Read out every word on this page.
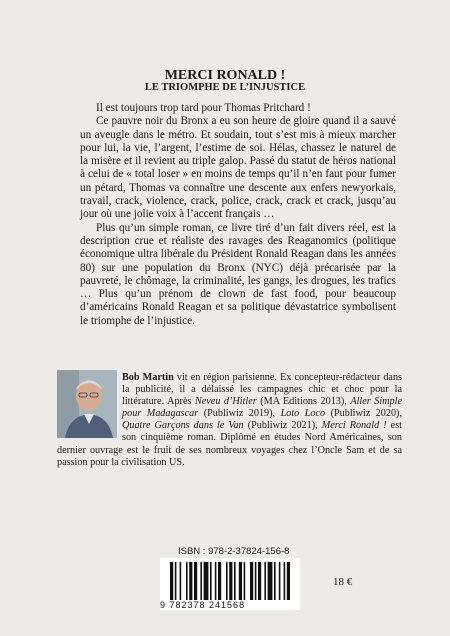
MERCI RONALD !
LE TRIOMPHE DE L’INJUSTICE

Il est toujours trop tard pour Thomas Pritchard !

Ce pauvre noir du Bronx a eu son heure de gloire quand il a sauvé un aveugle dans le métro. Et soudain, tout s’est mis à mieux marcher pour lui, la vie, l’argent, l’estime de soi. Hélas, chassez le naturel de la misère et il revient au triple galop. Passé du statut de héros national à celui de « total loser » en moins de temps qu’il n’en faut pour fumer un pétard, Thomas va connaître une descente aux enfers newyorkais, travail, crack, violence, crack, police, crack, crack et crack, jusqu’au jour où une jolie voix à l’accent français …

Plus qu’un simple roman, ce livre tiré d’un fait divers réel, est la description crue et réaliste des ravages des Reaganomics (politique économique ultra libérale du Président Ronald Reagan dans les années 80) sur une population du Bronx (NYC) déjà précarisée par la pauvreté, le chômage, la criminalité, les gangs, les drogues, les trafics … Plus qu’un prénom de clown de fast food, pour beaucoup d’américains Ronald Reagan et sa politique dévastatrice symbolisent le triomphe de l’injustice.

Bob Martin vit en région parisienne. Ex concepteur-rédacteur dans la publicité, il a délaissé les campagnes chic et choc pour la littérature. Après Neveu d’Hitler (MA Editions 2013), Aller Simple pour Madagascar (Publiwiz 2019), Loto Loco (Publiwiz 2020), Quatre Garçons dans le Van (Publiwiz 2021), Merci Ronald ! est son cinquième roman. Diplômé en études Nord Américaines, son dernier ouvrage est le fruit de ses nombreux voyages chez l’Oncle Sam et de sa passion pour la civilisation US.
ISBN : 978-2-37824-156-8
9 782378 241568
18 €
